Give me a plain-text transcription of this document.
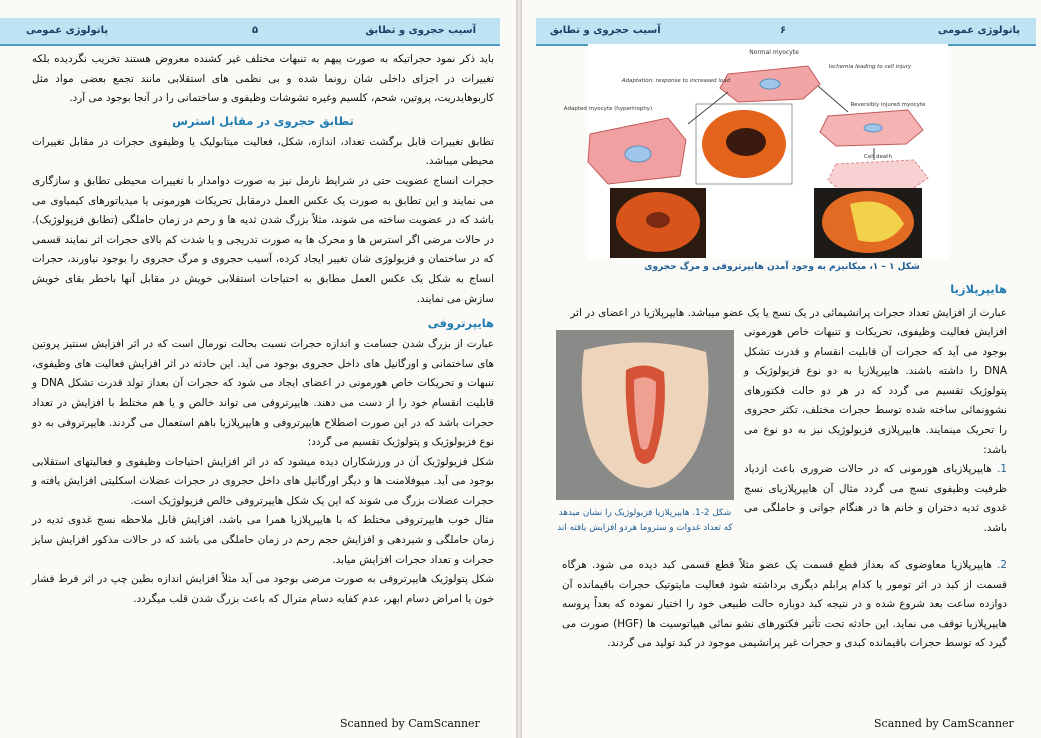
پاتولوژی عمومی	۵	آسیب حجروی و تطابق

باید ذکر نمود حجراتیکه به صورت پیهم به تنبهات مختلف غیر کشنده معروض هستند تخریب نگردیده بلکه تغییرات در اجزای داخلی شان رونما شده و بی نظمی های استقلابی مانند تجمع بعضی مواد مثل کاربوهایدریت، پروتین، شحم، کلسیم وغیره تشوشات وظیفوی و ساختمانی را در آنجا بوجود می آرد.

تطابق حجروی در مقابل استرس

تطابق تغییرات قابل برگشت تعداد، اندازه، شکل، فعالیت میتابولیک یا وظیفوی حجرات در مقابل تغییرات محیطی میباشد.

حجرات انساج عضویت حتی در شرایط نارمل نیز به صورت دوامدار با تغییرات محیطی تطابق و سازگاری می نمایند و این تطابق به صورت یک عکس العمل درمقابل تحریکات هورمونی یا میدیاتورهای کیمیاوی می باشد که در عضویت ساخته می شوند، مثلاً بزرگ شدن ثدیه ها و رحم در زمان حاملگی (تطابق فزیولوژیک). در حالات مرضی اگر استرس ها و محرک ها به صورت تدریجی و یا شدت کم بالای حجرات اثر نمایند قسمی که در ساختمان و فزیولوژی شان تغییر ایجاد کرده، آسیب حجروی و مرگ حجروی را بوجود نیاورند، حجرات انساج به شکل یک عکس العمل مطابق به احتیاجات استقلابی خویش در مقابل آنها باخطر بقای خویش سازش می نمایند.

هایپرتروفی

عبارت از بزرگ شدن جسامت و اندازه حجرات نسبت بحالت نورمال است که در اثر افزایش سنتیز پروتین های ساختمانی و اورگانیل های داخل حجروی بوجود می آید. این حادثه در اثر افزایش فعالیت های وظیفوی، تنبهات و تحریکات خاص هورمونی در اعضای ایجاد می شود که حجرات آن بعداز تولد قدرت تشکل DNA و قابلیت انقسام خود را از دست می دهند. هایپرتروفی می تواند خالص و یا هم مختلط با افزایش در تعداد حجرات باشد که در این صورت اصطلاح هایپرتروفی و هایپرپلازیا باهم استعمال می گردند. هایپرتروفی به دو نوع فزیولوژیک و پتولوژیک تقسیم می گردد:

شکل فزیولوژیک آن در ورزشکاران دیده میشود که در اثر افزایش احتیاجات وظیفوی و فعالیتهای استقلابی بوجود می آید. میوفلامنت ها و دیگر اورگانیل های داخل حجروی در حجرات عضلات اسکلیتی افزایش یافته و حجرات عضلات بزرگ می شوند که این یک شکل هایپرتروفی خالص فزیولوژیک است.

مثال خوب هایپرتروفی مختلط که با هایپرپلازیا همرا می باشد، افزایش قابل ملاحظه نسج غدوی ثدیه در زمان حاملگی و شیردهی و افزایش حجم رحم در زمان حاملگی می باشد که در حالات مذکور افزایش سایز حجرات و تعداد حجرات افزایش میابد.

شکل پتولوژیک هایپرتروفی به صورت مرضی بوجود می آید مثلاً افزایش اندازه بطین چپ در اثر فرط فشار خون یا امراض دسام ابهر، عدم کفایه دسام مترال که باعث بزرگ شدن قلب میگردد.

Scanned by CamScanner
آسیب حجروی و تطابق	۶	پاتولوژی عمومی
Normal myocyte
Adaptation: response to increased load
Ischemia leading to cell injury
Adapted myocyte (hypertrophy)
Reversibly injured myocyte
Cell death
شکل ۱ – ۱، میکانیزم به وجود آمدن هایپرتروفی و مرگ حجروی
هایپرپلازیا

عبارت از افزایش تعداد حجرات پرانشیمائی در یک نسج یا یک عضو میباشد. هایپرپلازیا در اعضای در اثر

افزایش فعالیت وظیفوی، تحریکات و تنبهات خاص هورمونی بوجود می آید که حجرات آن قابلیت انقسام و قدرت تشکل DNA را داشته باشند. هایپرپلازیا به دو نوع فزیولوژیک و پتولوژیک تقسیم می گردد که در هر دو حالت فکتورهای نشوونمائی ساخته شده توسط حجرات مختلف، تکثر حجروی را تحریک مینمایند. هایپرپلازی فزیولوژیک نیز به دو نوع می باشد:

1. هایپرپلازیای هورمونی که در حالات ضروری باعث ازدیاد ظرفیت وظیفوی نسج می گردد مثال آن هایپرپلازیای نسج غدوی ثدیه دختران و خانم ها در هنگام جوانی و حاملگی می باشد.

شکل 2-1. هایپرپلازیا فزیولوژیک را نشان میدهد که تعداد غدوات و ستروما هردو افزایش یافته اند

2. هایپرپلازیا معاوضوی که بعداز قطع قسمت یک عضو مثلاً قطع قسمی کبد دیده می شود. هرگاه قسمت از کبد در اثر تومور یا کدام پرابلم دیگری برداشته شود فعالیت مایتوتیک حجرات باقیمانده آن دوازده ساعت بعد شروع شده و در نتیجه کبد دوباره حالت طبیعی خود را اختیار نموده که بعداً پروسه هایپرپلازیا توقف می نماید. این حادثه تحت تأثیر فکتورهای نشو نمائی هیپاتوسیت ها (HGF) صورت می گیرد که توسط حجرات باقیمانده کبدی و حجرات غیر پرانشیمی موجود در کبد تولید می گردند.

Scanned by CamScanner
